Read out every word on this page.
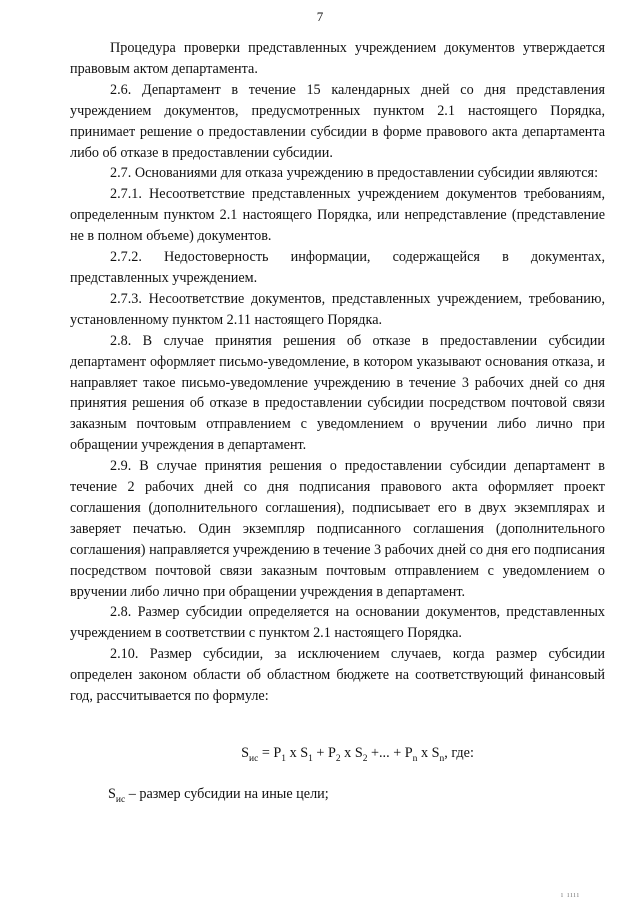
7

Процедура проверки представленных учреждением документов утверждается правовым актом департамента.

2.6. Департамент в течение 15 календарных дней со дня представления учреждением документов, предусмотренных пунктом 2.1 настоящего Порядка, принимает решение о предоставлении субсидии в форме правового акта департамента либо об отказе в предоставлении субсидии.

2.7. Основаниями для отказа учреждению в предоставлении субсидии являются:

2.7.1. Несоответствие представленных учреждением документов требованиям, определенным пунктом 2.1 настоящего Порядка, или непредставление (представление не в полном объеме) документов.

2.7.2. Недостоверность информации, содержащейся в документах, представленных учреждением.

2.7.3. Несоответствие документов, представленных учреждением, требованию, установленному пунктом 2.11 настоящего Порядка.

2.8. В случае принятия решения об отказе в предоставлении субсидии департамент оформляет письмо-уведомление, в котором указывают основания отказа, и направляет такое письмо-уведомление учреждению в течение 3 рабочих дней со дня принятия решения об отказе в предоставлении субсидии посредством почтовой связи заказным почтовым отправлением с уведомлением о вручении либо лично при обращении учреждения в департамент.

2.9. В случае принятия решения о предоставлении субсидии департамент в течение 2 рабочих дней со дня подписания правового акта оформляет проект соглашения (дополнительного соглашения), подписывает его в двух экземплярах и заверяет печатью. Один экземпляр подписанного соглашения (дополнительного соглашения) направляется учреждению в течение 3 рабочих дней со дня его подписания посредством почтовой связи заказным почтовым отправлением с уведомлением о вручении либо лично при обращении учреждения в департамент.

2.8. Размер субсидии определяется на основании документов, представленных учреждением в соответствии с пунктом 2.1 настоящего Порядка.

2.10. Размер субсидии, за исключением случаев, когда размер субсидии определен законом области об областном бюджете на соответствующий финансовый год, рассчитывается по формуле:

$S_{ис} = P_1$ x $S_1 + P_2$ x $S_2$ +... + $P_n$ x $S_n$, где:
$S_{ис}$ – размер субсидии на иные цели;
ı ıııı
